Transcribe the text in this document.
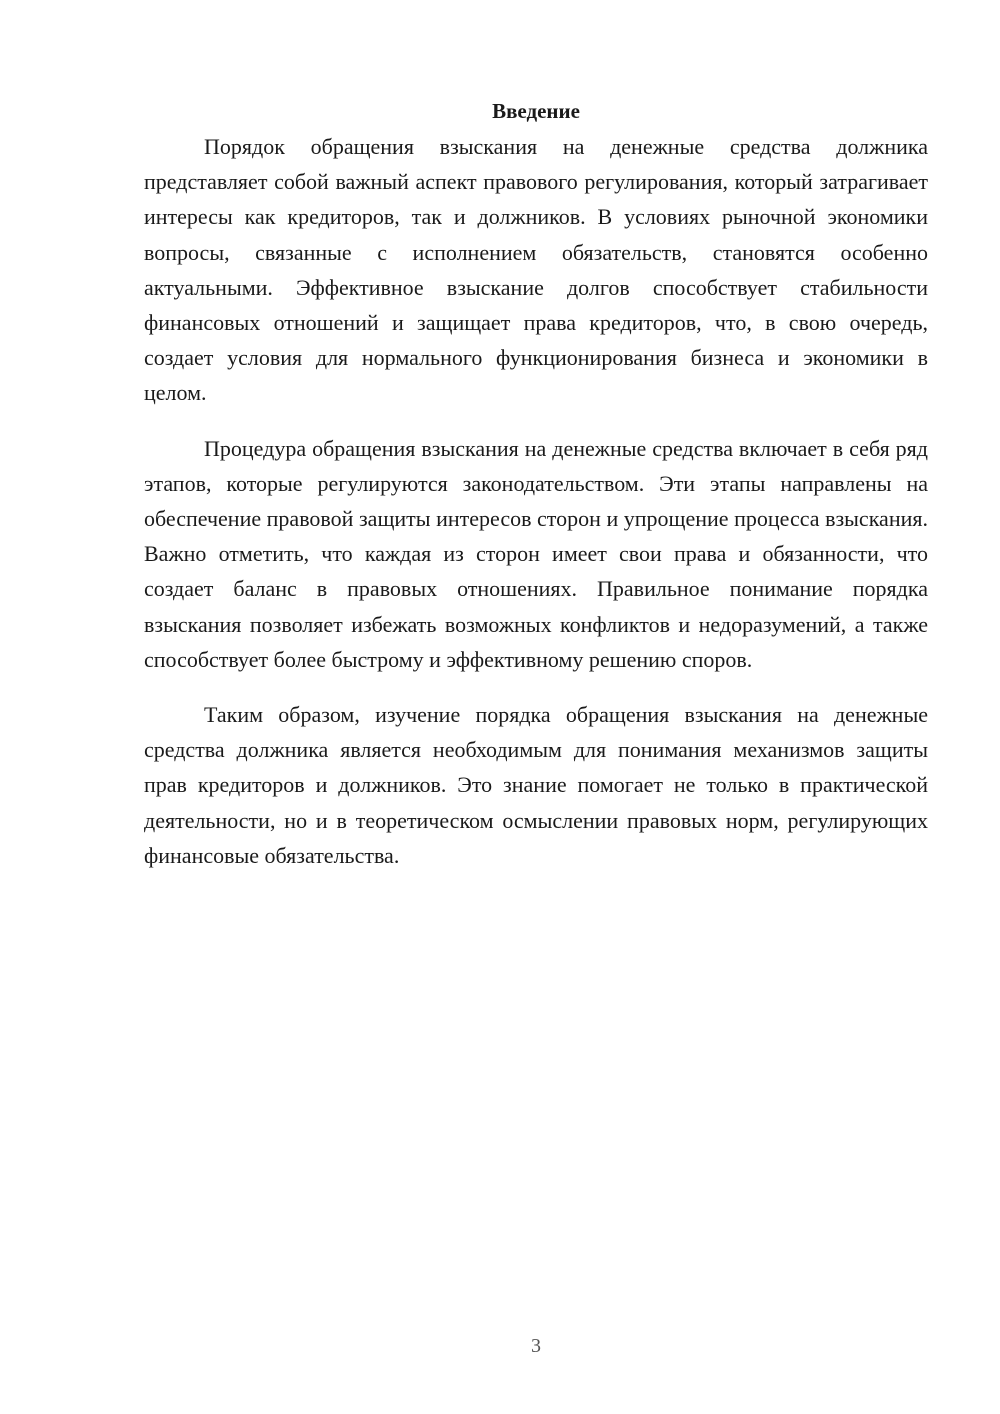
Введение

Порядок обращения взыскания на денежные средства должника представляет собой важный аспект правового регулирования, который затрагивает интересы как кредиторов, так и должников. В условиях рыночной экономики вопросы, связанные с исполнением обязательств, становятся особенно актуальными. Эффективное взыскание долгов способствует стабильности финансовых отношений и защищает права кредиторов, что, в свою очередь, создает условия для нормального функционирования бизнеса и экономики в целом.

Процедура обращения взыскания на денежные средства включает в себя ряд этапов, которые регулируются законодательством. Эти этапы направлены на обеспечение правовой защиты интересов сторон и упрощение процесса взыскания. Важно отметить, что каждая из сторон имеет свои права и обязанности, что создает баланс в правовых отношениях. Правильное понимание порядка взыскания позволяет избежать возможных конфликтов и недоразумений, а также способствует более быстрому и эффективному решению споров.

Таким образом, изучение порядка обращения взыскания на денежные средства должника является необходимым для понимания механизмов защиты прав кредиторов и должников. Это знание помогает не только в практической деятельности, но и в теоретическом осмыслении правовых норм, регулирующих финансовые обязательства.

3
